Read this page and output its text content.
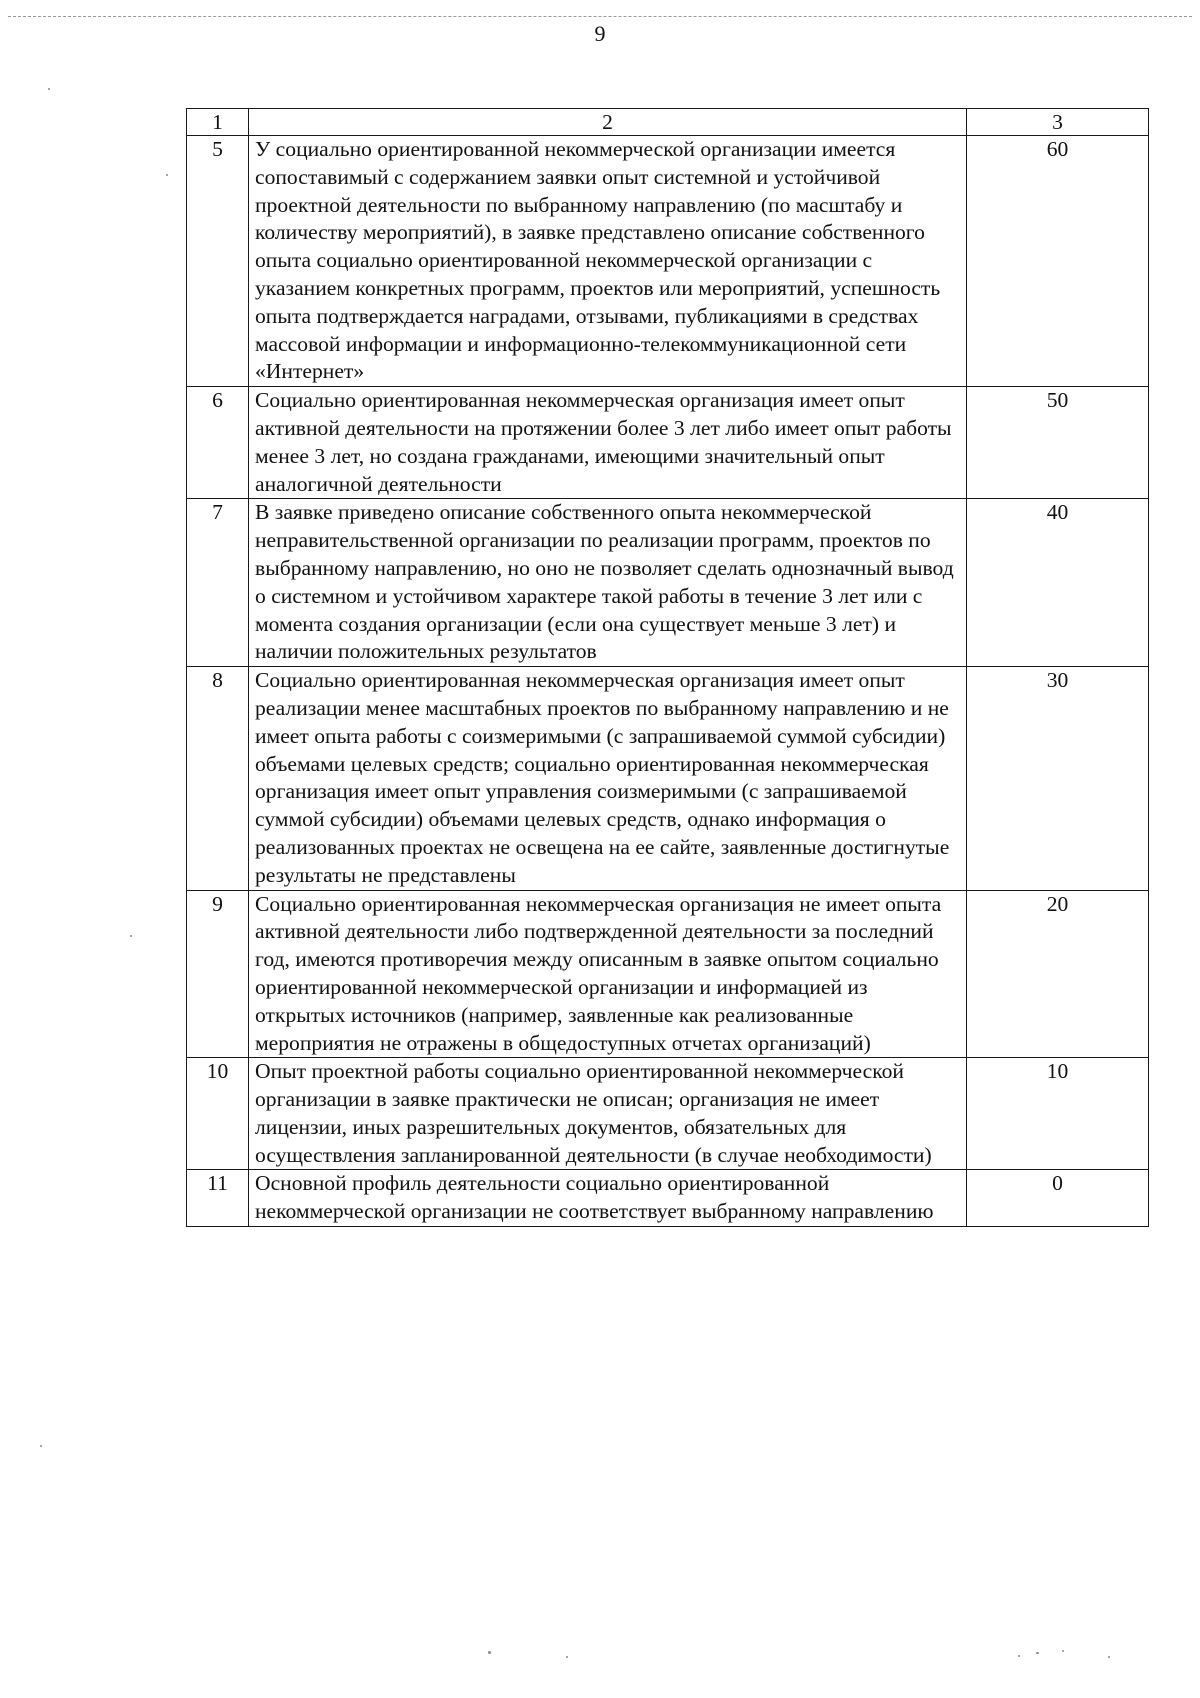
9
1	2	3
5	У социально ориентированной некоммерческой организации имеется сопоставимый с содержанием заявки опыт системной и устойчивой проектной деятельности по выбранному направлению (по масштабу и количеству мероприятий), в заявке представлено описание собственного опыта социально ориентированной некоммерческой организации с указанием конкретных программ, проектов или мероприятий, успешность опыта подтверждается наградами, отзывами, публикациями в средствах массовой информации и информационно-телекоммуникационной сети «Интернет»	60
6	Социально ориентированная некоммерческая организация имеет опыт активной деятельности на протяжении более 3 лет либо имеет опыт работы менее 3 лет, но создана гражданами, имеющими значительный опыт аналогичной деятельности	50
7	В заявке приведено описание собственного опыта некоммерческой неправительственной организации по реализации программ, проектов по выбранному направлению, но оно не позволяет сделать однозначный вывод о системном и устойчивом характере такой работы в течение 3 лет или с момента создания организации (если она существует меньше 3 лет) и наличии положительных результатов	40
8	Социально ориентированная некоммерческая организация имеет опыт реализации менее масштабных проектов по выбранному направлению и не имеет опыта работы с соизмеримыми (с запрашиваемой суммой субсидии) объемами целевых средств; социально ориентированная некоммерческая организация имеет опыт управления соизмеримыми (с запрашиваемой суммой субсидии) объемами целевых средств, однако информация о реализованных проектах не освещена на ее сайте, заявленные достигнутые результаты не представлены	30
9	Социально ориентированная некоммерческая организация не имеет опыта активной деятельности либо подтвержденной деятельности за последний год, имеются противоречия между описанным в заявке опытом социально ориентированной некоммерческой организации и информацией из открытых источников (например, заявленные как реализованные мероприятия не отражены в общедоступных отчетах организаций)	20
10	Опыт проектной работы социально ориентированной некоммерческой организации в заявке практически не описан; организация не имеет лицензии, иных разрешительных документов, обязательных для осуществления запланированной деятельности (в случае необходимости)	10
11	Основной профиль деятельности социально ориентированной некоммерческой организации не соответствует выбранному направлению	0
